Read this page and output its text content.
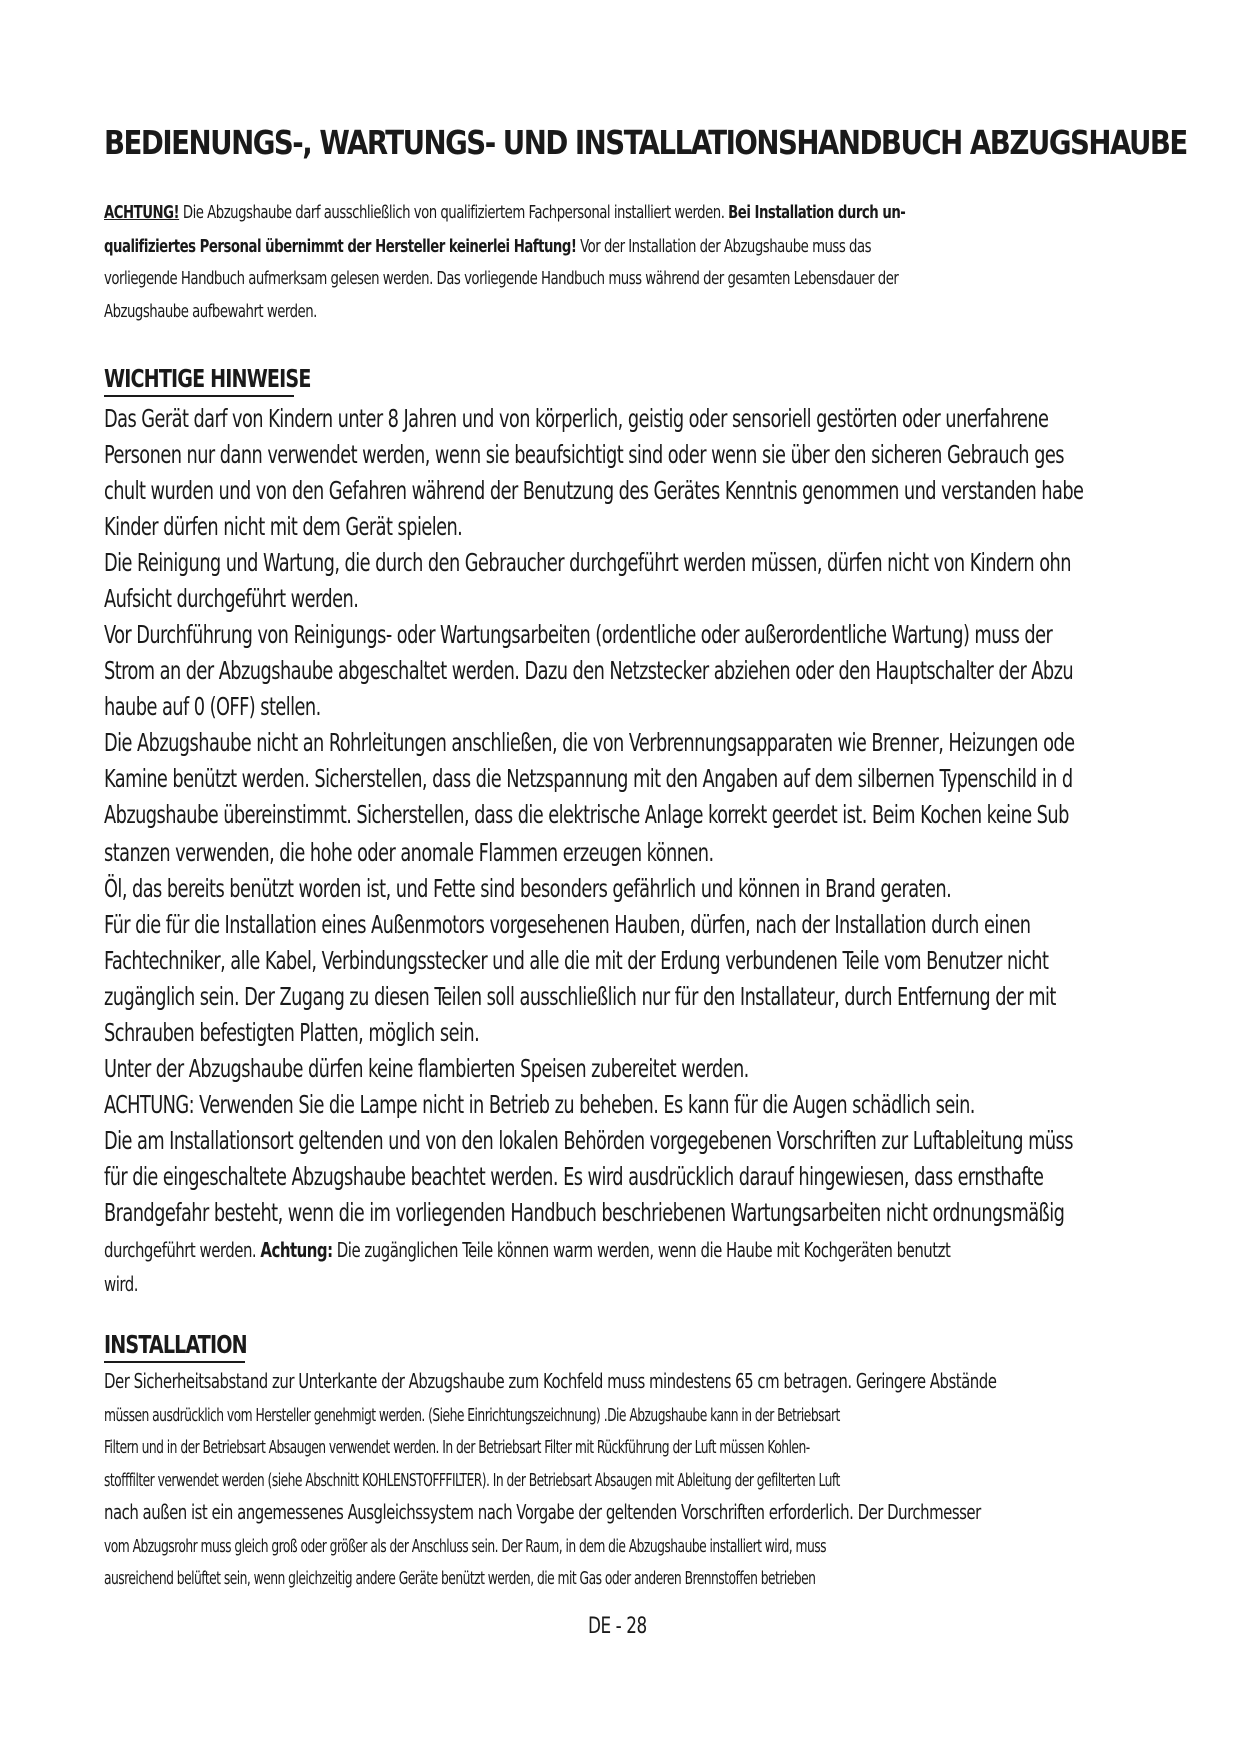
BEDIENUNGS-, WARTUNGS- UND INSTALLATIONSHANDBUCH ABZUGSHAUBE

ACHTUNG! Die Abzugshaube darf ausschließlich von qualifiziertem Fachpersonal installiert werden. Bei Installation durch un-

qualifiziertes Personal übernimmt der Hersteller keinerlei Haftung! Vor der Installation der Abzugshaube muss das

vorliegende Handbuch aufmerksam gelesen werden. Das vorliegende Handbuch muss während der gesamten Lebensdauer der

Abzugshaube aufbewahrt werden.

WICHTIGE HINWEISE

Das Gerät darf von Kindern unter 8 Jahren und von körperlich, geistig oder sensoriell gestörten oder unerfahrene

Personen nur dann verwendet werden, wenn sie beaufsichtigt sind oder wenn sie über den sicheren Gebrauch ges

chult wurden und von den Gefahren während der Benutzung des Gerätes Kenntnis genommen und verstanden habe

Kinder dürfen nicht mit dem Gerät spielen.

Die Reinigung und Wartung, die durch den Gebraucher durchgeführt werden müssen, dürfen nicht von Kindern ohn

Aufsicht durchgeführt werden.

Vor Durchführung von Reinigungs- oder Wartungsarbeiten (ordentliche oder außerordentliche Wartung) muss der

Strom an der Abzugshaube abgeschaltet werden. Dazu den Netzstecker abziehen oder den Hauptschalter der Abzu

haube auf 0 (OFF) stellen.

Die Abzugshaube nicht an Rohrleitungen anschließen, die von Verbrennungsapparaten wie Brenner, Heizungen ode

Kamine benützt werden. Sicherstellen, dass die Netzspannung mit den Angaben auf dem silbernen Typenschild in d

Abzugshaube übereinstimmt. Sicherstellen, dass die elektrische Anlage korrekt geerdet ist. Beim Kochen keine Sub

stanzen verwenden, die hohe oder anomale Flammen erzeugen können.

Öl, das bereits benützt worden ist, und Fette sind besonders gefährlich und können in Brand geraten.

Für die für die Installation eines Außenmotors vorgesehenen Hauben, dürfen, nach der Installation durch einen

Fachtechniker, alle Kabel, Verbindungsstecker und alle die mit der Erdung verbundenen Teile vom Benutzer nicht

zugänglich sein. Der Zugang zu diesen Teilen soll ausschließlich nur für den Installateur, durch Entfernung der mit

Schrauben befestigten Platten, möglich sein.

Unter der Abzugshaube dürfen keine flambierten Speisen zubereitet werden.

ACHTUNG: Verwenden Sie die Lampe nicht in Betrieb zu beheben. Es kann für die Augen schädlich sein.

Die am Installationsort geltenden und von den lokalen Behörden vorgegebenen Vorschriften zur Luftableitung müss

für die eingeschaltete Abzugshaube beachtet werden. Es wird ausdrücklich darauf hingewiesen, dass ernsthafte

Brandgefahr besteht, wenn die im vorliegenden Handbuch beschriebenen Wartungsarbeiten nicht ordnungsmäßig

durchgeführt werden. Achtung: Die zugänglichen Teile können warm werden, wenn die Haube mit Kochgeräten benutzt

wird.

INSTALLATION

Der Sicherheitsabstand zur Unterkante der Abzugshaube zum Kochfeld muss mindestens 65 cm betragen. Geringere Abstände

müssen ausdrücklich vom Hersteller genehmigt werden. (Siehe Einrichtungszeichnung) .Die Abzugshaube kann in der Betriebsart

Filtern und in der Betriebsart Absaugen verwendet werden. In der Betriebsart Filter mit Rückführung der Luft müssen Kohlen-

stofffilter verwendet werden (siehe Abschnitt KOHLENSTOFFFILTER). In der Betriebsart Absaugen mit Ableitung der gefilterten Luft

nach außen ist ein angemessenes Ausgleichssystem nach Vorgabe der geltenden Vorschriften erforderlich. Der Durchmesser

vom Abzugsrohr muss gleich groß oder größer als der Anschluss sein. Der Raum, in dem die Abzugshaube installiert wird, muss

ausreichend belüftet sein, wenn gleichzeitig andere Geräte benützt werden, die mit Gas oder anderen Brennstoffen betrieben

DE - 28
